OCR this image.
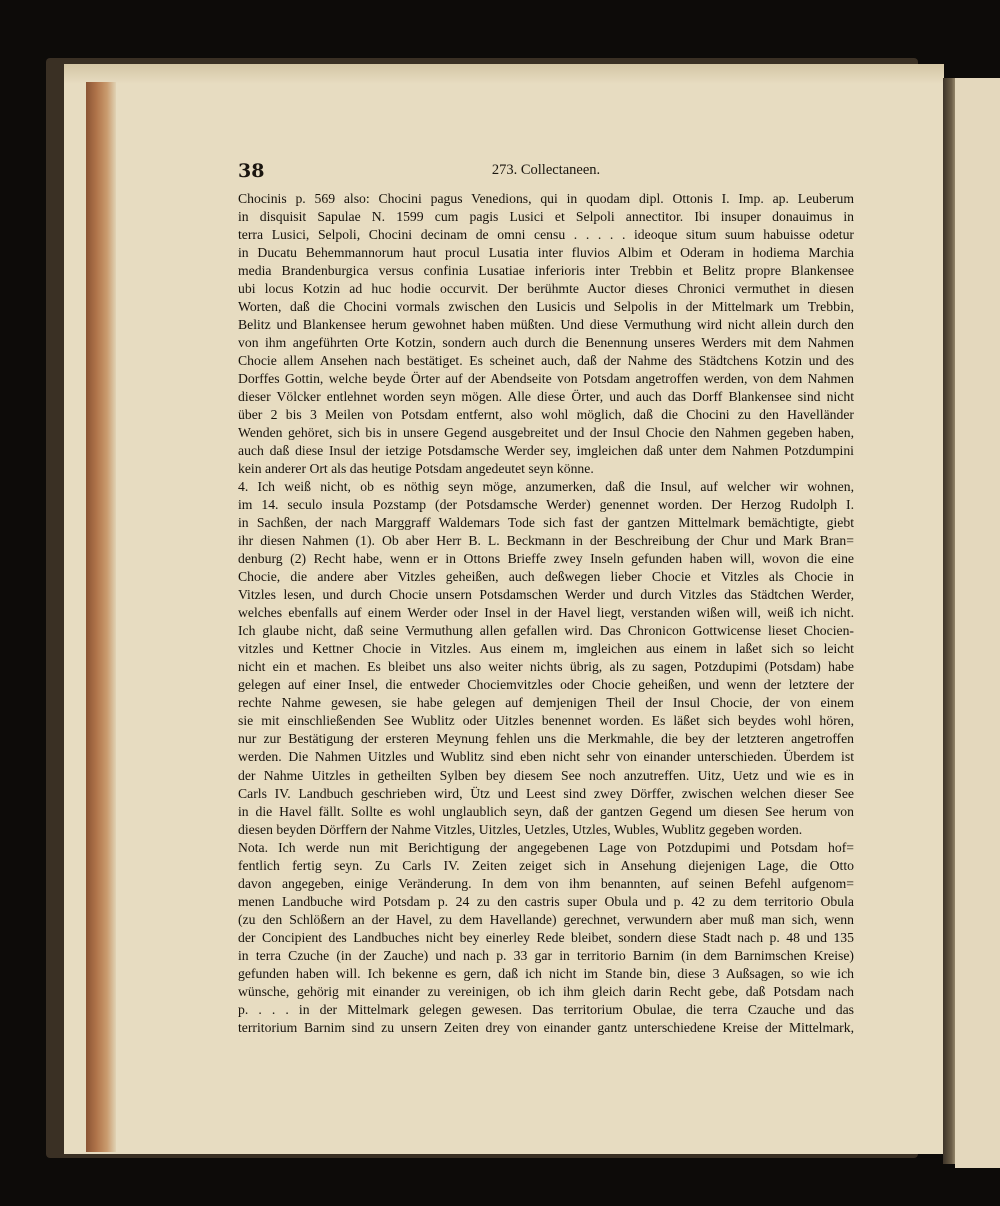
38	273. Collectaneen.
Chocinis p. 569 also: Chocini pagus Venedions, qui in quodam dipl. Ottonis I. Imp. ap. Leuberum
in disquisit Sapulae N. 1599 cum pagis Lusici et Selpoli annectitor. Ibi insuper donauimus in
terra Lusici, Selpoli, Chocini decinam de omni censu . . . . . ideoque situm suum habuisse odetur
in Ducatu Behemmannorum haut procul Lusatia inter fluvios Albim et Oderam in hodiema Marchia
media Brandenburgica versus confinia Lusatiae inferioris inter Trebbin et Belitz propre Blankensee
ubi locus Kotzin ad huc hodie occurvit. Der berühmte Auctor dieses Chronici vermuthet in diesen
Worten, daß die Chocini vormals zwischen den Lusicis und Selpolis in der Mittelmark um Trebbin,
Belitz und Blankensee herum gewohnet haben müßten. Und diese Vermuthung wird nicht allein durch den
von ihm angeführten Orte Kotzin, sondern auch durch die Benennung unseres Werders mit dem Nahmen
Chocie allem Ansehen nach bestätiget. Es scheinet auch, daß der Nahme des Städtchens Kotzin und des
Dorffes Gottin, welche beyde Örter auf der Abendseite von Potsdam angetroffen werden, von dem Nahmen
dieser Völcker entlehnet worden seyn mögen. Alle diese Örter, und auch das Dorff Blankensee sind nicht
über 2 bis 3 Meilen von Potsdam entfernt, also wohl möglich, daß die Chocini zu den Havelländer
Wenden gehöret, sich bis in unsere Gegend ausgebreitet und der Insul Chocie den Nahmen gegeben haben,
auch daß diese Insul der ietzige Potsdamsche Werder sey, imgleichen daß unter dem Nahmen Potzdumpini
kein anderer Ort als das heutige Potsdam angedeutet seyn könne.
4. Ich weiß nicht, ob es nöthig seyn möge, anzumerken, daß die Insul, auf welcher wir wohnen,
im 14. seculo insula Pozstamp (der Potsdamsche Werder) genennet worden. Der Herzog Rudolph I.
in Sachßen, der nach Marggraff Waldemars Tode sich fast der gantzen Mittelmark bemächtigte, giebt
ihr diesen Nahmen (1). Ob aber Herr B. L. Beckmann in der Beschreibung der Chur und Mark Bran=
denburg (2) Recht habe, wenn er in Ottons Brieffe zwey Inseln gefunden haben will, wovon die eine
Chocie, die andere aber Vitzles geheißen, auch deßwegen lieber Chocie et Vitzles als Chocie in
Vitzles lesen, und durch Chocie unsern Potsdamschen Werder und durch Vitzles das Städtchen Werder,
welches ebenfalls auf einem Werder oder Insel in der Havel liegt, verstanden wißen will, weiß ich nicht.
Ich glaube nicht, daß seine Vermuthung allen gefallen wird. Das Chronicon Gottwicense lieset Chocien-
vitzles und Kettner Chocie in Vitzles. Aus einem m, imgleichen aus einem in laßet sich so leicht
nicht ein et machen. Es bleibet uns also weiter nichts übrig, als zu sagen, Potzdupimi (Potsdam) habe
gelegen auf einer Insel, die entweder Chociemvitzles oder Chocie geheißen, und wenn der letztere der
rechte Nahme gewesen, sie habe gelegen auf demjenigen Theil der Insul Chocie, der von einem
sie mit einschließenden See Wublitz oder Uitzles benennet worden. Es läßet sich beydes wohl hören,
nur zur Bestätigung der ersteren Meynung fehlen uns die Merkmahle, die bey der letzteren angetroffen
werden. Die Nahmen Uitzles und Wublitz sind eben nicht sehr von einander unterschieden. Überdem ist
der Nahme Uitzles in getheilten Sylben bey diesem See noch anzutreffen. Uitz, Uetz und wie es in
Carls IV. Landbuch geschrieben wird, Ütz und Leest sind zwey Dörffer, zwischen welchen dieser See
in die Havel fällt. Sollte es wohl unglaublich seyn, daß der gantzen Gegend um diesen See herum von
diesen beyden Dörffern der Nahme Vitzles, Uitzles, Uetzles, Utzles, Wubles, Wublitz gegeben worden.
Nota. Ich werde nun mit Berichtigung der angegebenen Lage von Potzdupimi und Potsdam hof=
fentlich fertig seyn. Zu Carls IV. Zeiten zeiget sich in Ansehung diejenigen Lage, die Otto
davon angegeben, einige Veränderung. In dem von ihm benannten, auf seinen Befehl aufgenom=
menen Landbuche wird Potsdam p. 24 zu den castris super Obula und p. 42 zu dem territorio Obula
(zu den Schlößern an der Havel, zu dem Havellande) gerechnet, verwundern aber muß man sich, wenn
der Concipient des Landbuches nicht bey einerley Rede bleibet, sondern diese Stadt nach p. 48 und 135
in terra Czuche (in der Zauche) und nach p. 33 gar in territorio Barnim (in dem Barnimschen Kreise)
gefunden haben will. Ich bekenne es gern, daß ich nicht im Stande bin, diese 3 Außsagen, so wie ich
wünsche, gehörig mit einander zu vereinigen, ob ich ihm gleich darin Recht gebe, daß Potsdam nach
p. . . . in der Mittelmark gelegen gewesen. Das territorium Obulae, die terra Czauche und das
territorium Barnim sind zu unsern Zeiten drey von einander gantz unterschiedene Kreise der Mittelmark,
